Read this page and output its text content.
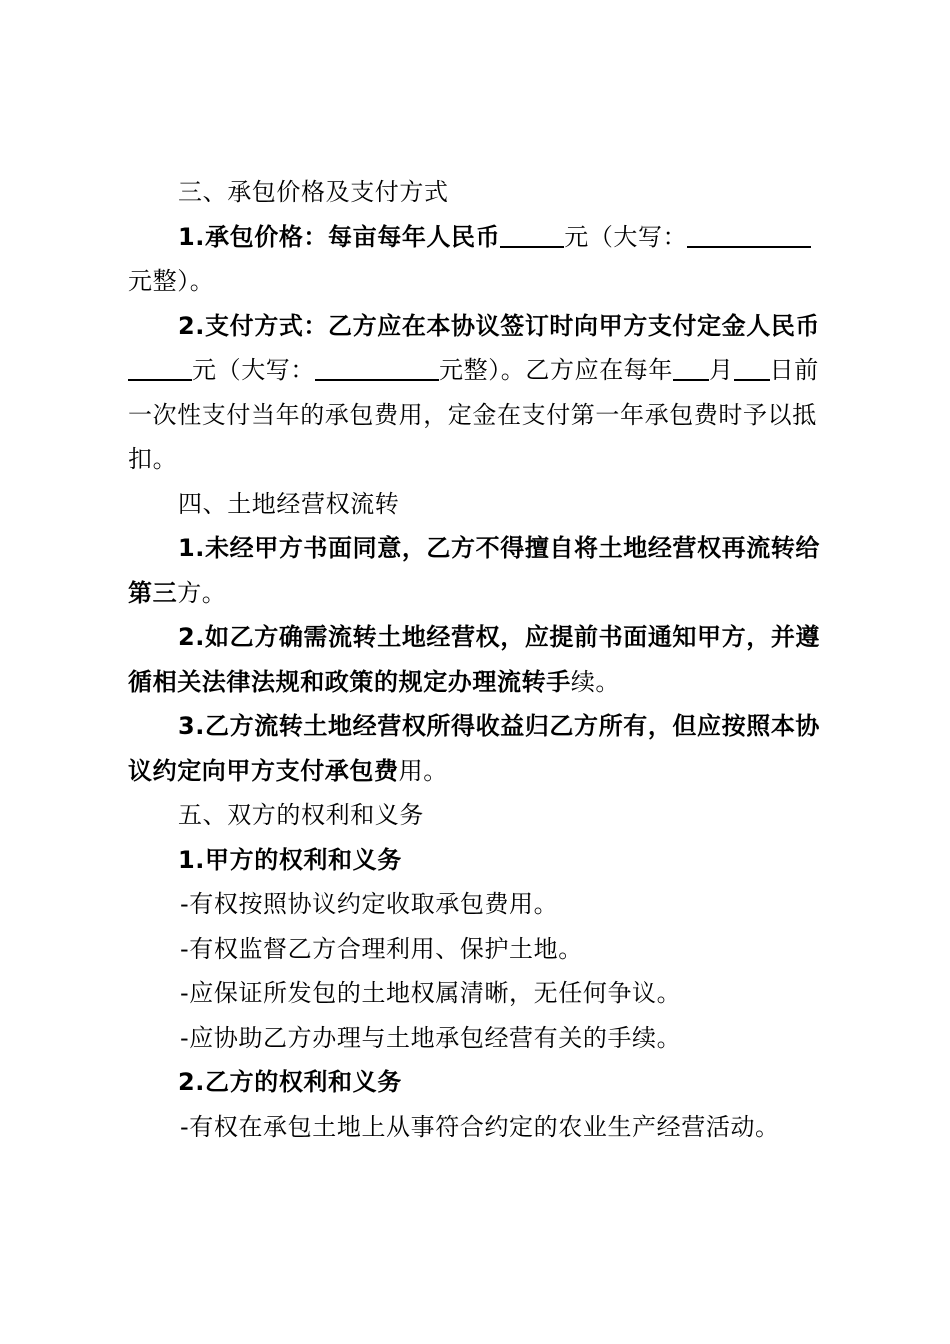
三、承包价格及支付方式

1.承包价格：每亩每年人民币	元（大写：元整）。

2.支付方式：乙方应在本协议签订时向甲方支付定金人民币元（大写：	元整）。乙方应在每年 月 日前一次性支付当年的承包费用，定金在支付第一年承包费时予以抵扣。

四、土地经营权流转

1.未经甲方书面同意，乙方不得擅自将土地经营权再流转给第三方。

2.如乙方确需流转土地经营权，应提前书面通知甲方，并遵循相关法律法规和政策的规定办理流转手续。

3.乙方流转土地经营权所得收益归乙方所有，但应按照本协议约定向甲方支付承包费用。

五、双方的权利和义务

1.甲方的权利和义务

-有权按照协议约定收取承包费用。

-有权监督乙方合理利用、保护土地。

-应保证所发包的土地权属清晰，无任何争议。

-应协助乙方办理与土地承包经营有关的手续。

2.乙方的权利和义务

-有权在承包土地上从事符合约定的农业生产经营活动。
